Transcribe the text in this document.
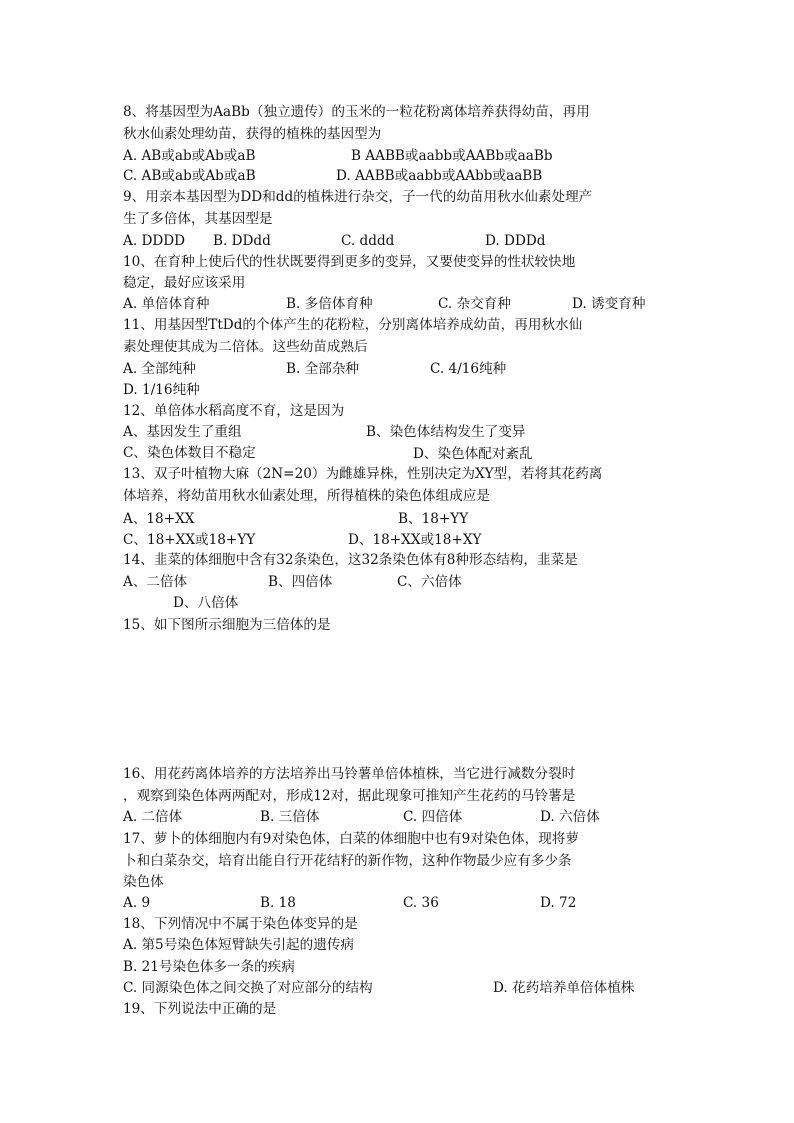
8、将基因型为AaBb（独立遗传）的玉米的一粒花粉离体培养获得幼苗，再用
秋水仙素处理幼苗，获得的植株的基因型为
A. AB或ab或Ab或aB	B AABB或aabb或AABb或aaBb
C. AB或ab或Ab或aB	D. AABB或aabb或AAbb或aaBB
9、用亲本基因型为DD和dd的植株进行杂交，子一代的幼苗用秋水仙素处理产
生了多倍体，其基因型是
A. DDDD B. DDdd	C. dddd	D. DDDd
10、在育种上使后代的性状既要得到更多的变异，又要使变异的性状较快地
稳定，最好应该采用
A. 单倍体育种	B. 多倍体育种	C. 杂交育种	D. 诱变育种
11、用基因型TtDd的个体产生的花粉粒，分别离体培养成幼苗，再用秋水仙
素处理使其成为二倍体。这些幼苗成熟后
A. 全部纯种	B. 全部杂种	C. 4/16纯种
D. 1/16纯种
12、单倍体水稻高度不育，这是因为
A、基因发生了重组	B、染色体结构发生了变异
C、染色体数目不稳定	D、染色体配对紊乱
13、双子叶植物大麻（2N=20）为雌雄异株，性别决定为XY型，若将其花药离
体培养，将幼苗用秋水仙素处理，所得植株的染色体组成应是
A、18+XX	B、18+YY
C、18+XX或18+YY	D、18+XX或18+XY
14、韭菜的体细胞中含有32条染色，这32条染色体有8种形态结构，韭菜是
A、二倍体	B、四倍体	C、六倍体
D、八倍体
15、如下图所示细胞为三倍体的是
16、用花药离体培养的方法培养出马铃薯单倍体植株，当它进行减数分裂时
，观察到染色体两两配对，形成12对，据此现象可推知产生花药的马铃薯是
A. 二倍体	B. 三倍体	C. 四倍体	D. 六倍体
17、萝卜的体细胞内有9对染色体，白菜的体细胞中也有9对染色体，现将萝
卜和白菜杂交，培育出能自行开花结籽的新作物，这种作物最少应有多少条
染色体
A. 9	B. 18	C. 36	D. 72
18、下列情况中不属于染色体变异的是
A. 第5号染色体短臂缺失引起的遗传病
B. 21号染色体多一条的疾病
C. 同源染色体之间交换了对应部分的结构	D. 花药培养单倍体植株
19、下列说法中正确的是
